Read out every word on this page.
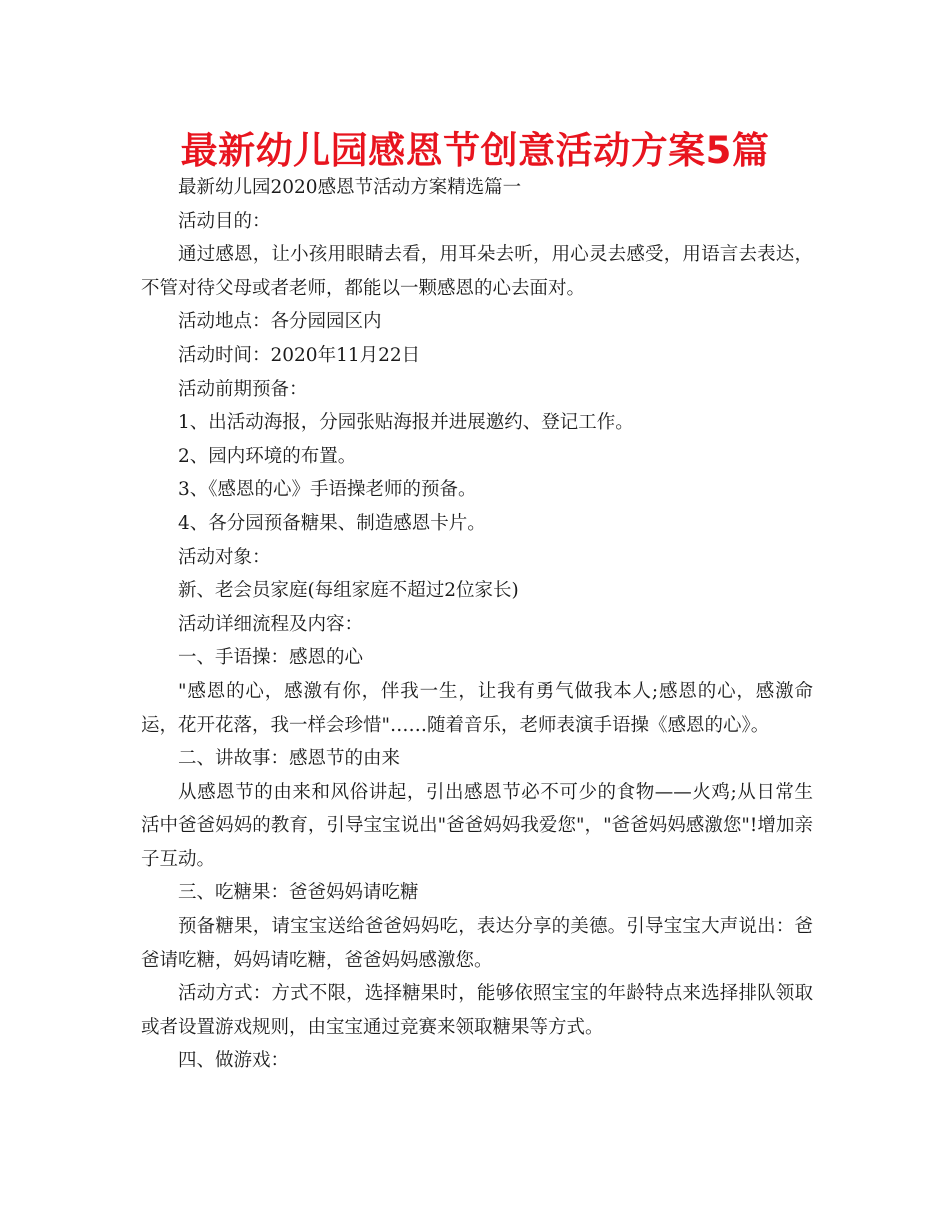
最新幼儿园感恩节创意活动方案5篇

最新幼儿园2020感恩节活动方案精选篇一

活动目的：

通过感恩，让小孩用眼睛去看，用耳朵去听，用心灵去感受，用语言去表达，不管对待父母或者老师，都能以一颗感恩的心去面对。

活动地点：各分园园区内

活动时间：2020年11月22日

活动前期预备：

1、出活动海报，分园张贴海报并进展邀约、登记工作。

2、园内环境的布置。

3、《感恩的心》手语操老师的预备。

4、各分园预备糖果、制造感恩卡片。

活动对象：

新、老会员家庭(每组家庭不超过2位家长)

活动详细流程及内容：

一、手语操：感恩的心

"感恩的心，感激有你，伴我一生，让我有勇气做我本人;感恩的心，感激命运，花开花落，我一样会珍惜"……随着音乐，老师表演手语操《感恩的心》。

二、讲故事：感恩节的由来

从感恩节的由来和风俗讲起，引出感恩节必不可少的食物——火鸡;从日常生活中爸爸妈妈的教育，引导宝宝说出"爸爸妈妈我爱您"，"爸爸妈妈感激您"!增加亲子互动。

三、吃糖果：爸爸妈妈请吃糖

预备糖果，请宝宝送给爸爸妈妈吃，表达分享的美德。引导宝宝大声说出：爸爸请吃糖，妈妈请吃糖，爸爸妈妈感激您。

活动方式：方式不限，选择糖果时，能够依照宝宝的年龄特点来选择排队领取或者设置游戏规则，由宝宝通过竞赛来领取糖果等方式。

四、做游戏：
